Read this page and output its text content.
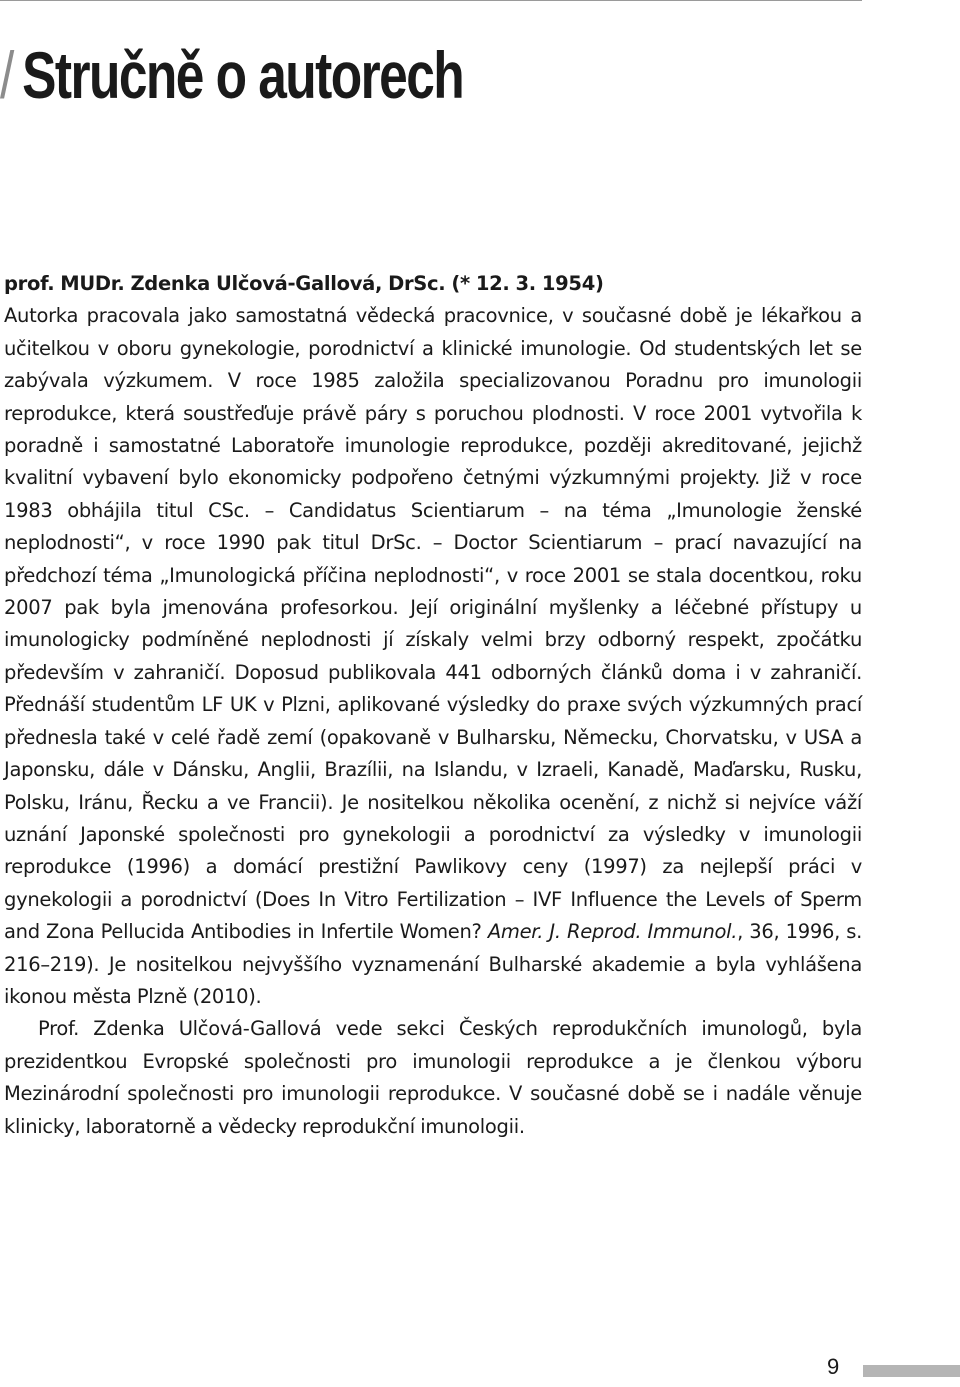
/ Stručně o autorech

prof. MUDr. Zdenka Ulčová-Gallová, DrSc. (* 12. 3. 1954)
Autorka pracovala jako samostatná vědecká pracovnice, v současné době je lékařkou a učitelkou v oboru gynekologie, porodnictví a klinické imunologie. Od studentských let se zabývala výzkumem. V roce 1985 založila specializovanou Poradnu pro imunologii reprodukce, která soustřeďuje právě páry s poruchou plodnosti. V roce 2001 vytvořila k poradně i samostatné Laboratoře imunologie reprodukce, později akreditované, jejichž kvalitní vybavení bylo ekonomicky podpořeno četnými výzkumnými projekty. Již v roce 1983 obhájila titul CSc. – Candidatus Scientiarum – na téma „Imunologie ženské neplodnosti“, v roce 1990 pak titul DrSc. – Doctor Scientiarum – prací navazující na předchozí téma „Imunologická příčina neplodnosti“, v roce 2001 se stala docentkou, roku 2007 pak byla jmenována profesorkou. Její originální myšlenky a léčebné přístupy u imunologicky podmíněné neplodnosti jí získaly velmi brzy odborný respekt, zpočátku především v zahraničí. Doposud publikovala 441 odborných článků doma i v zahraničí. Přednáší studentům LF UK v Plzni, aplikované výsledky do praxe svých výzkumných prací přednesla také v celé řadě zemí (opakovaně v Bulharsku, Německu, Chorvatsku, v USA a Japonsku, dále v Dánsku, Anglii, Brazílii, na Islandu, v Izraeli, Kanadě, Maďarsku, Rusku, Polsku, Iránu, Řecku a ve Francii). Je nositelkou několika ocenění, z nichž si nejvíce váží uznání Japonské společnosti pro gynekologii a porodnictví za výsledky v imunologii reprodukce (1996) a domácí prestižní Pawlikovy ceny (1997) za nejlepší práci v gynekologii a porodnictví (Does In Vitro Fertilization – IVF Influence the Levels of Sperm and Zona Pellucida Antibodies in Infertile Women? Amer. J. Reprod. Immunol., 36, 1996, s. 216–219). Je nositelkou nejvyššího vyznamenání Bulharské akademie a byla vyhlášena ikonou města Plzně (2010).

Prof. Zdenka Ulčová-Gallová vede sekci Českých reprodukčních imunologů, byla prezidentkou Evropské společnosti pro imunologii reprodukce a je členkou výboru Mezinárodní společnosti pro imunologii reprodukce. V současné době se i nadále věnuje klinicky, laboratorně a vědecky reprodukční imunologii.

9
